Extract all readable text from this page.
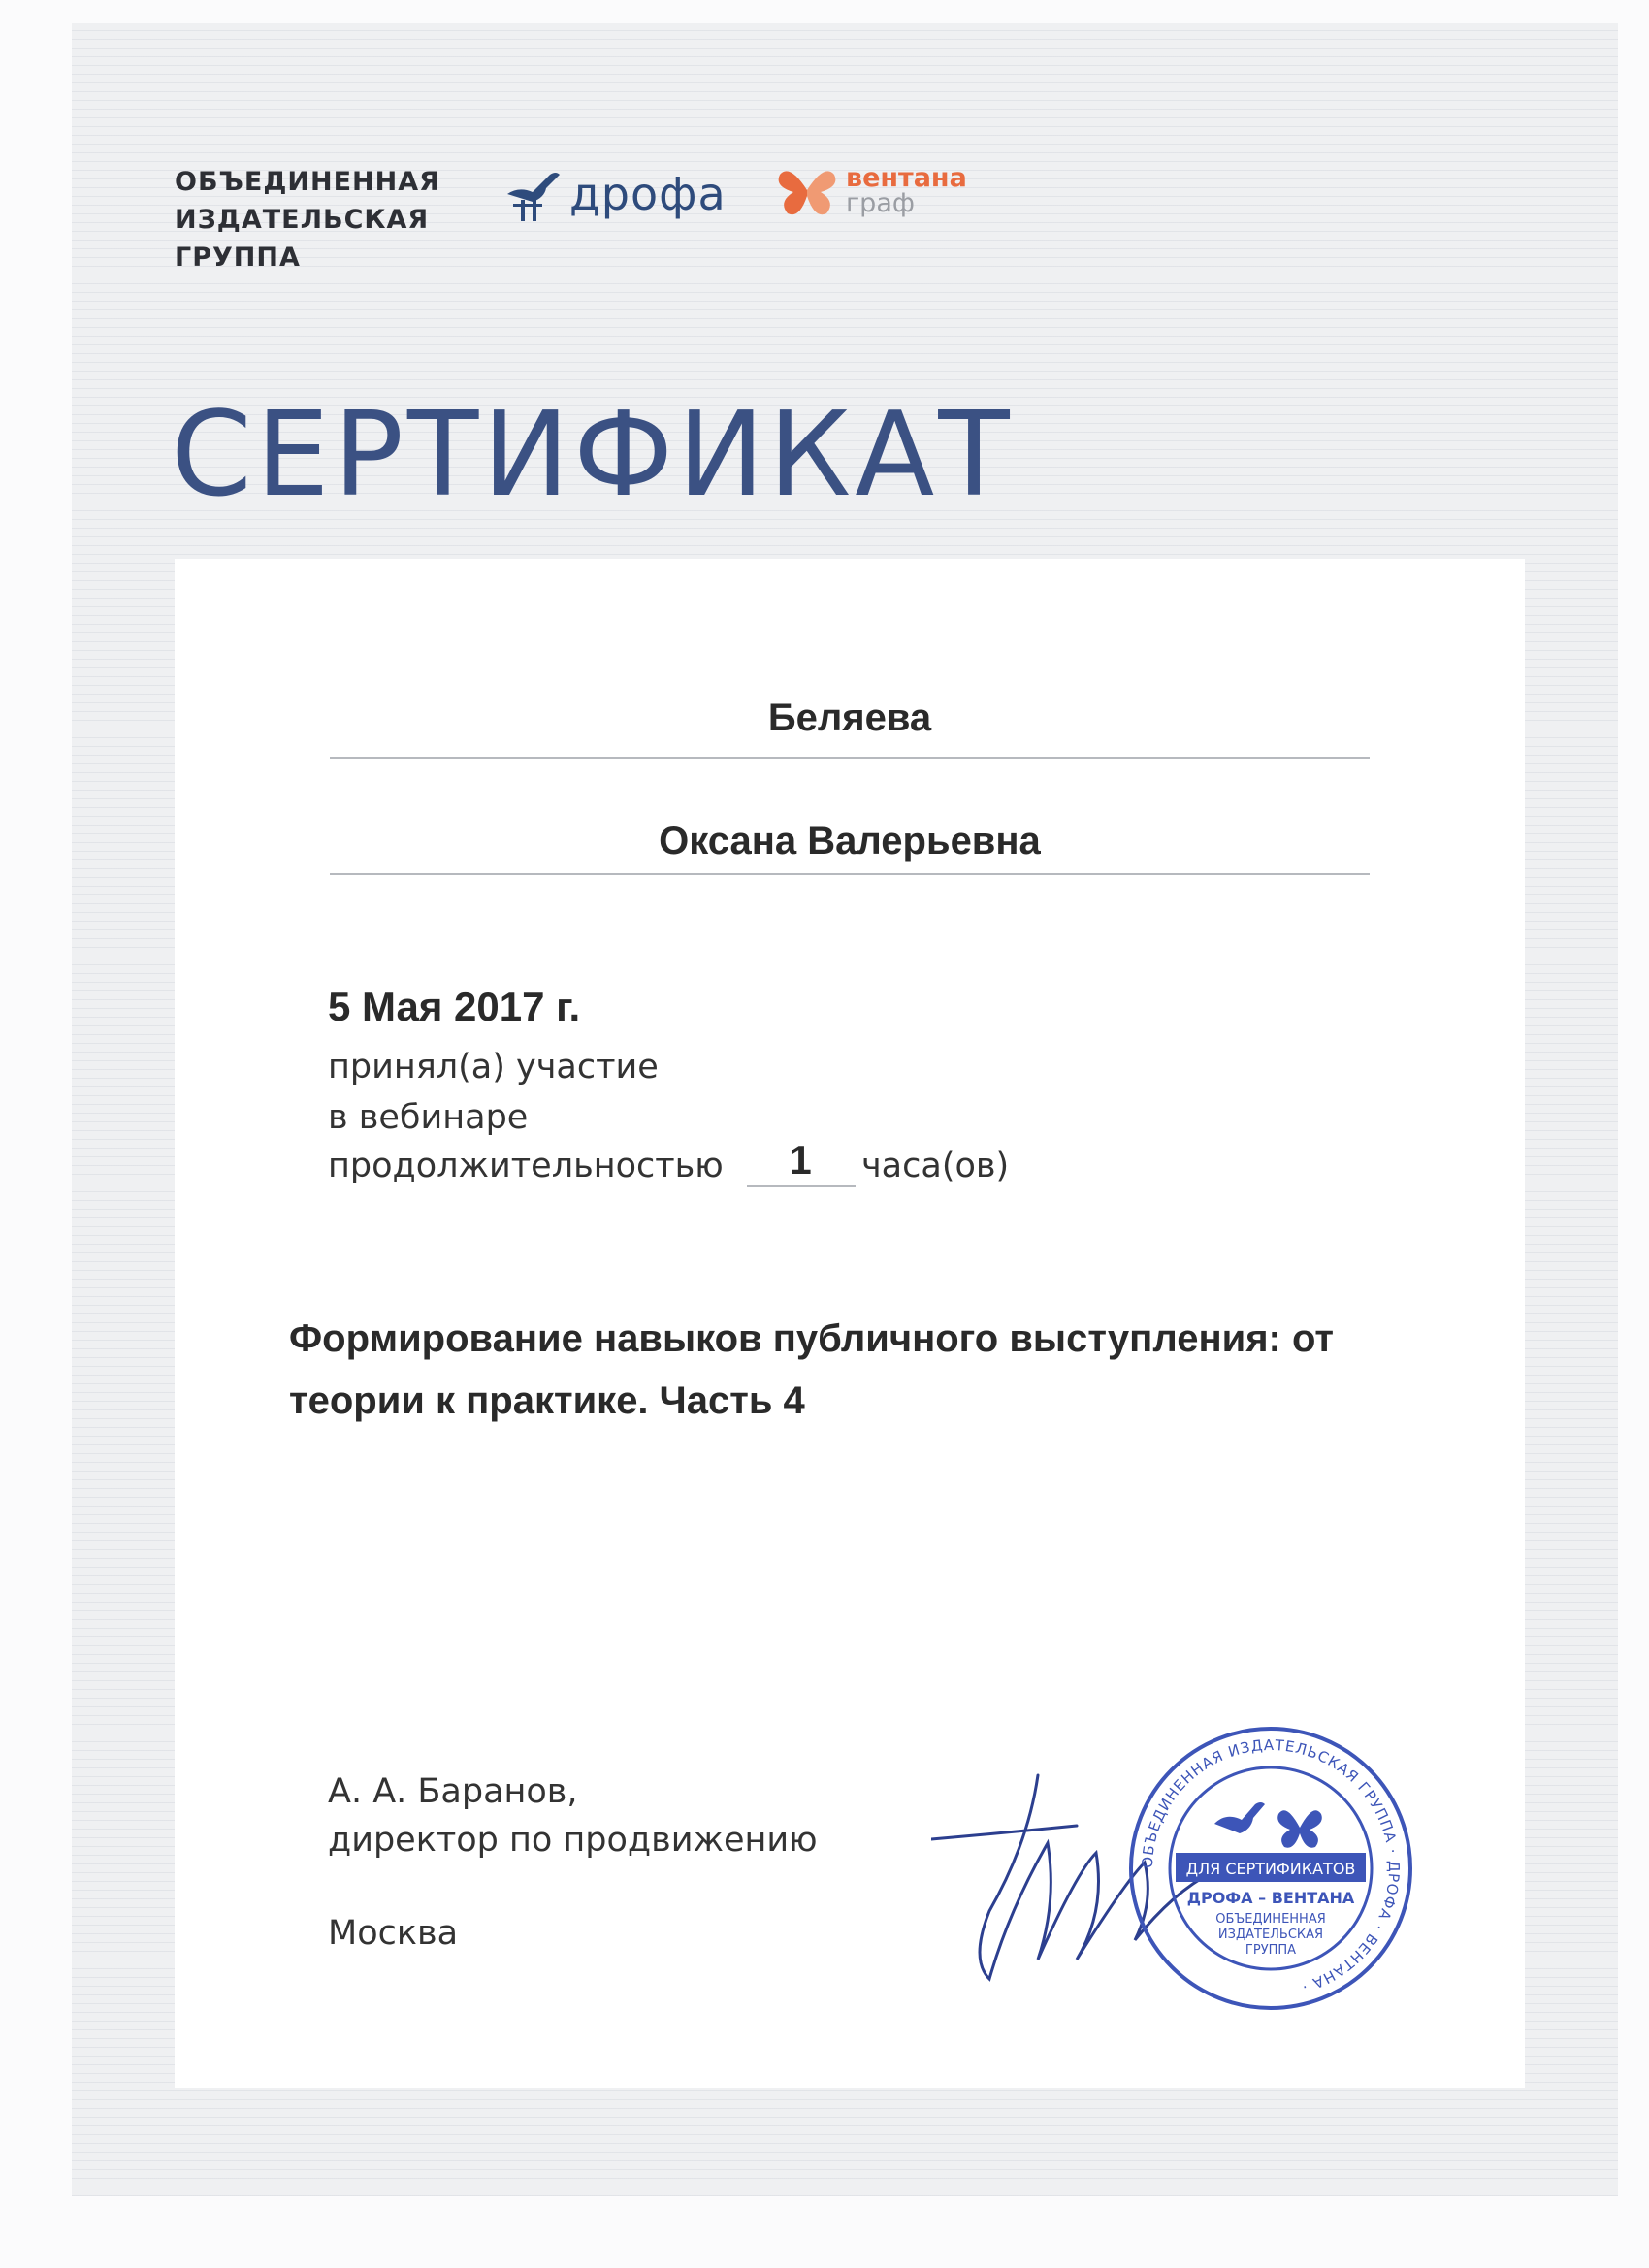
ОБЪЕДИНЕННАЯ
ИЗДАТЕЛЬСКАЯ
ГРУППА
дрофа	вентана
граф
СЕРТИФИКАТ
Беляева
Оксана Валерьевна
5 Мая 2017 г.
принял(а) участие
в вебинаре
продолжительностью	1	часа(ов)
Формирование навыков публичного выступления: от теории к практике. Часть 4
А. А. Баранов,
директор по продвижению
Москва
ОБЪЕДИНЕННАЯ ИЗДАТЕЛЬСКАЯ ГРУППА · ДРОФА · ВЕНТАНА ·
ДЛЯ СЕРТИФИКАТОВ
ДРОФА – ВЕНТАНА
ОБЪЕДИНЕННАЯ
ИЗДАТЕЛЬСКАЯ
ГРУППА
